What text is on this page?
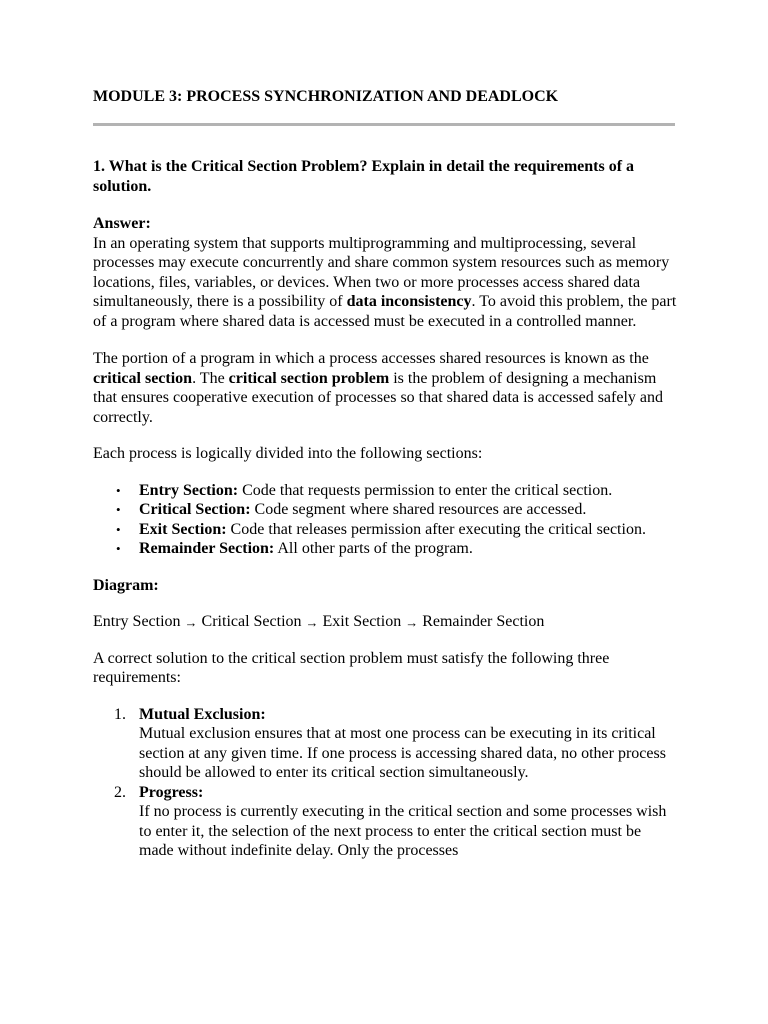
MODULE 3: PROCESS SYNCHRONIZATION AND DEADLOCK

1. What is the Critical Section Problem? Explain in detail the requirements of a solution.

Answer:

In an operating system that supports multiprogramming and multiprocessing, several processes may execute concurrently and share common system resources such as memory locations, files, variables, or devices. When two or more processes access shared data simultaneously, there is a possibility of data inconsistency. To avoid this problem, the part of a program where shared data is accessed must be executed in a controlled manner.

The portion of a program in which a process accesses shared resources is known as the critical section. The critical section problem is the problem of designing a mechanism that ensures cooperative execution of processes so that shared data is accessed safely and correctly.

Each process is logically divided into the following sections:

• Entry Section: Code that requests permission to enter the critical section.
• Critical Section: Code segment where shared resources are accessed.
• Exit Section: Code that releases permission after executing the critical section.
• Remainder Section: All other parts of the program.

Diagram:

Entry Section → Critical Section → Exit Section → Remainder Section

A correct solution to the critical section problem must satisfy the following three requirements:

1. Mutual Exclusion:
Mutual exclusion ensures that at most one process can be executing in its critical section at any given time. If one process is accessing shared data, no other process should be allowed to enter its critical section simultaneously.
2. Progress:
If no process is currently executing in the critical section and some processes wish to enter it, the selection of the next process to enter the critical section must be made without indefinite delay. Only the processes
